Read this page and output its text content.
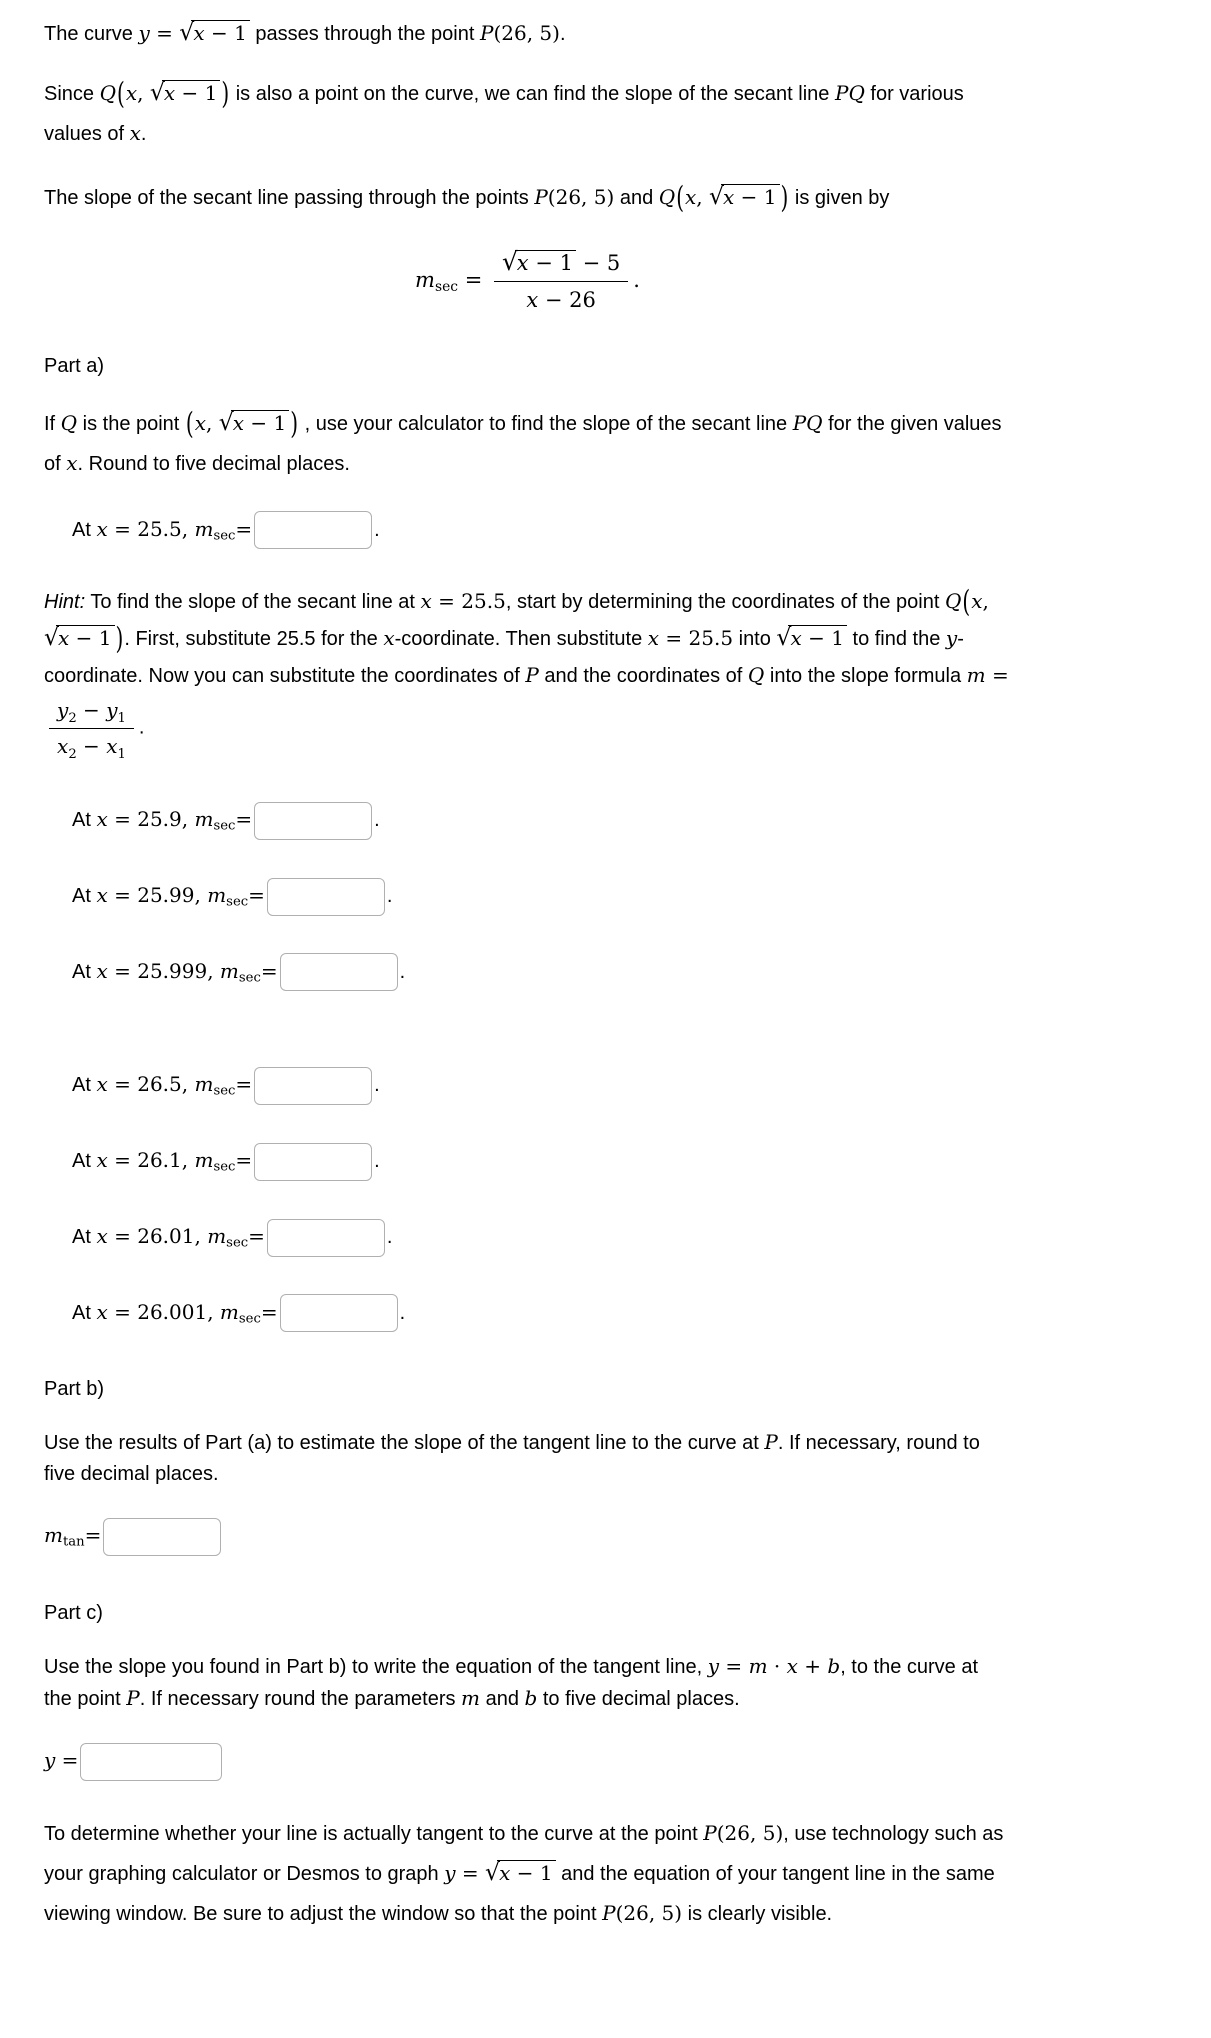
The curve y = √x − 1 passes through the point P(26, 5).

Since Q(x, √x − 1 ) is also a point on the curve, we can find the slope of the secant line PQ for various values of x.

The slope of the secant line passing through the points P(26, 5) and Q(x, √x − 1 ) is given by

$msec = \frac{√x - 1 - 5}{x - 26}$ .

Part a)

If Q is the point (x, √x − 1 ) , use your calculator to find the slope of the secant line PQ for the given values of x. Round to five decimal places.

At x = 25.5, msec=	.

Hint: To find the slope of the secant line at x = 25.5, start by determining the coordinates of the point Q(x, √x − 1 ). First, substitute 25.5 for the x-coordinate. Then substitute x = 25.5 into √x − 1 to find the y-coordinate. Now you can substitute the coordinates of P and the coordinates of Q into the slope formula m =
$\frac{y_2 - y_1}{x_2 - x_1}$ .

At x = 25.9, msec=	.
At x = 25.99, msec=	.
At x = 25.999, msec=	.
At x = 26.5, msec=	.
At x = 26.1, msec=	.
At x = 26.01, msec=	.
At x = 26.001, msec=	.

Part b)

Use the results of Part (a) to estimate the slope of the tangent line to the curve at P. If necessary, round to five decimal places.

mtan=

Part c)

Use the slope you found in Part b) to write the equation of the tangent line, y = m · x + b, to the curve at the point P. If necessary round the parameters m and b to five decimal places.

y =

To determine whether your line is actually tangent to the curve at the point P(26, 5), use technology such as your graphing calculator or Desmos to graph y = √x − 1 and the equation of your tangent line in the same viewing window. Be sure to adjust the window so that the point P(26, 5) is clearly visible.
